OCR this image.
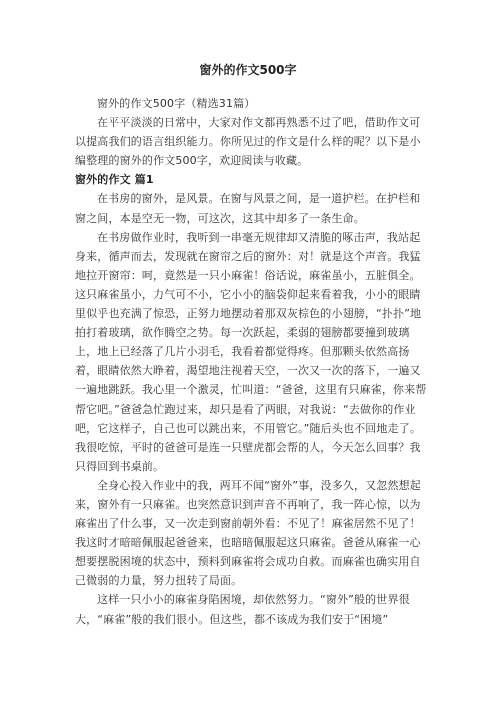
窗外的作文500字

窗外的作文500字（精选31篇）

在平平淡淡的日常中，大家对作文都再熟悉不过了吧，借助作文可以提高我们的语言组织能力。你所见过的作文是什么样的呢？以下是小编整理的窗外的作文500字，欢迎阅读与收藏。

窗外的作文 篇1

在书房的窗外，是风景。在窗与风景之间，是一道护栏。在护栏和窗之间，本是空无一物，可这次，这其中却多了一条生命。

在书房做作业时，我听到一串毫无规律却又清脆的啄击声，我站起身来，循声而去，发现就在窗帘之后的窗外：对！就是这个声音。我猛地拉开窗帘：呵，竟然是一只小麻雀！俗话说，麻雀虽小，五脏俱全。这只麻雀虽小，力气可不小，它小小的脑袋仰起来看着我，小小的眼睛里似乎也充满了惊恐，正努力地摆动着那双灰棕色的小翅膀，“扑扑”地拍打着玻璃，欲作腾空之势。每一次跃起，柔弱的翅膀都要撞到玻璃上，地上已经落了几片小羽毛，我看着都觉得疼。但那颗头依然高扬着，眼睛依然大睁着，渴望地注视着天空，一次又一次的落下，一遍又一遍地跳跃。我心里一个激灵，忙叫道：“爸爸，这里有只麻雀，你来帮帮它吧。”爸爸急忙跑过来，却只是看了两眼，对我说：“去做你的作业吧，它这样子，自己也可以跳出来，不用管它。”随后头也不回地走了。我很吃惊，平时的爸爸可是连一只壁虎都会帮的人，今天怎么回事？我只得回到书桌前。

全身心投入作业中的我，两耳不闻“窗外”事，没多久，又忽然想起来，窗外有一只麻雀。也突然意识到声音不再响了，我一阵心惊，以为麻雀出了什么事，又一次走到窗前朝外看：不见了！麻雀居然不见了！我这时才暗暗佩服起爸爸来，也暗暗佩服起这只麻雀。爸爸从麻雀一心想要摆脱困境的状态中，预料到麻雀将会成功自救。而麻雀也确实用自己微弱的力量，努力扭转了局面。

这样一只小小的麻雀身陷困境，却依然努力。“窗外”般的世界很大，“麻雀”般的我们很小。但这些，都不该成为我们安于“困境”
